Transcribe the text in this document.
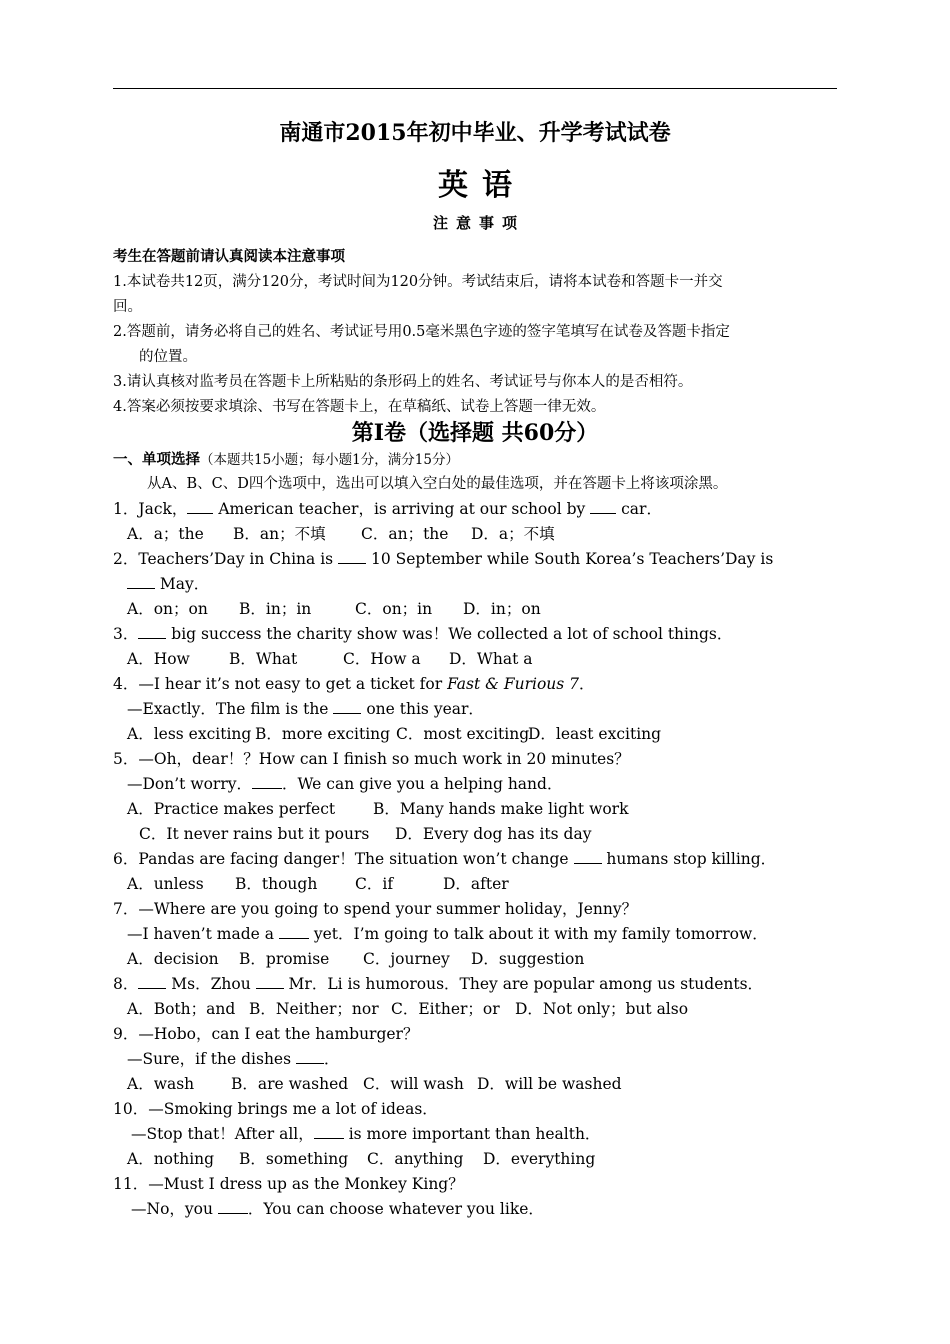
南通市2015年初中毕业、升学考试试卷
英语
注意事项
考生在答题前请认真阅读本注意事项
1.本试卷共12页，满分120分，考试时间为120分钟。考试结束后，请将本试卷和答题卡一并交
回。
2.答题前，请务必将自己的姓名、考试证号用0.5毫米黑色字迹的签字笔填写在试卷及答题卡指定
的位置。
3.请认真核对监考员在答题卡上所粘贴的条形码上的姓名、考试证号与你本人的是否相符。
4.答案必须按要求填涂、书写在答题卡上，在草稿纸、试卷上答题一律无效。
第Ⅰ卷（选择题 共60分）
一、单项选择（本题共15小题；每小题1分，满分15分）
从A、B、C、D四个选项中，选出可以填入空白处的最佳选项，并在答题卡上将该项涂黑。
1．Jack， American teacher，is arriving at our school by  car．
A．a；the B．an；不填 C．an；the D．a；不填
2．Teachers’Day in China is  10 September while South Korea’s Teachers’Day is
May．
A．on；on B．in；in	C．on；in D．in；on
3． big success the charity show was！We collected a lot of school things．
A．How	B．What	C．How a D．What a
4．—I hear it’s not easy to get a ticket for Fast & Furious 7．
—Exactly．The film is the  one this year．
A．less exciting B．more exciting C．most excitingD．least exciting
5．—Oh，dear！？How can I finish so much work in 20 minutes？
—Don’t worry． ．We can give you a helping hand．
A．Practice makes perfect B．Many hands make light work
C．It never rains but it pours D．Every dog has its day
6．Pandas are facing danger！The situation won’t change  humans stop killing．
A．unless B．though C．if	D．after
7．—Where are you going to spend your summer holiday，Jenny？
—I haven’t made a  yet．I’m going to talk about it with my family tomorrow．
A．decision B．promise C．journey D．suggestion
8． Ms．Zhou  Mr．Li is humorous．They are popular among us students．
A．Both；and B．Neither；nor C．Either；or D．Not only；but also
9．—Hobo，can I eat the hamburger？
—Sure，if the dishes ．
A．wash B．are washed C．will wash D．will be washed
10．—Smoking brings me a lot of ideas．
—Stop that！After all， is more important than health．
A．nothing B．something C．anything D．everything
11．—Must I dress up as the Monkey King？
—No，you ．You can choose whatever you like．
